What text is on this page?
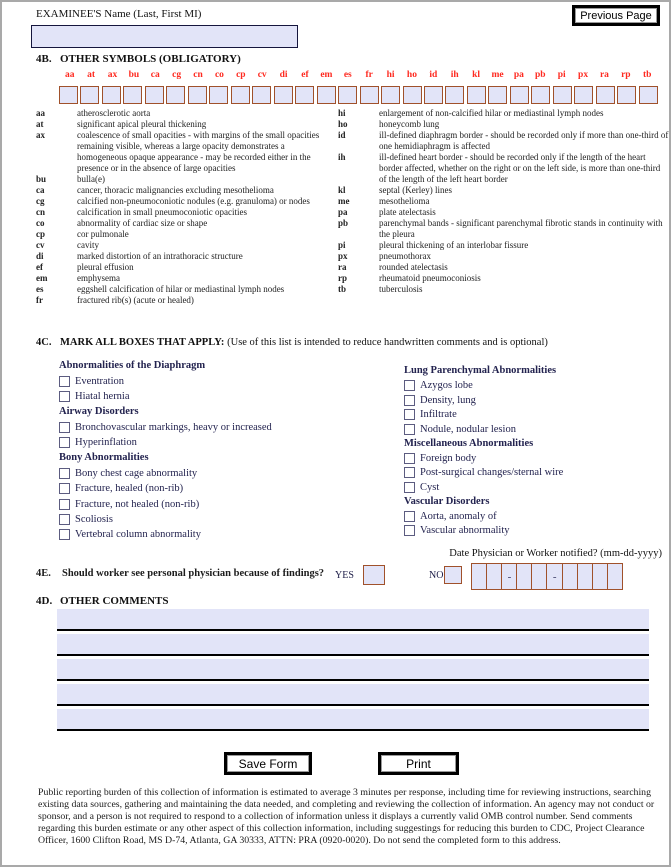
EXAMINEE'S Name (Last, First MI)	Previous Page
4B. OTHER SYMBOLS (OBLIGATORY)
aa	at	ax	bu	ca	cg	cn	co	cp	cv	di	ef	em	es	fr	hi	ho	id	ih	kl	me	pa	pb	pi	px	ra	rp	tb
aa	atherosclerotic aorta
at	significant apical pleural thickening
ax	coalescence of small opacities - with margins of the small opacities remaining visible, whereas a large opacity demonstrates a homogeneous opaque appearance - may be recorded either in the presence or in the absence of large opacities
bu	bulla(e)
ca	cancer, thoracic malignancies excluding mesothelioma
cg	calcified non-pneumoconiotic nodules (e.g. granuloma) or nodes
cn	calcification in small pneumoconiotic opacities
co	abnormality of cardiac size or shape
cp	cor pulmonale
cv	cavity
di	marked distortion of an intrathoracic structure
ef	pleural effusion
em	emphysema
es	eggshell calcification of hilar or mediastinal lymph nodes
fr	fractured rib(s) (acute or healed)
hi	enlargement of non-calcified hilar or mediastinal lymph nodes
ho	honeycomb lung
id	ill-defined diaphragm border - should be recorded only if more than one-third of one hemidiaphragm is affected
ih	ill-defined heart border - should be recorded only if the length of the heart border affected, whether on the right or on the left side, is more than one-third of the length of the left heart border
kl	septal (Kerley) lines
me	mesothelioma
pa	plate atelectasis
pb	parenchymal bands - significant parenchymal fibrotic stands in continuity with the pleura
pi	pleural thickening of an interlobar fissure
px	pneumothorax
ra	rounded atelectasis
rp	rheumatoid pneumoconiosis
tb	tuberculosis
4C. MARK ALL BOXES THAT APPLY: (Use of this list is intended to reduce handwritten comments and is optional)
Abnormalities of the Diaphragm
Eventration
Hiatal hernia
Airway Disorders
Bronchovascular markings, heavy or increased
Hyperinflation
Bony Abnormalities
Bony chest cage abnormality
Fracture, healed (non-rib)
Fracture, not healed (non-rib)
Scoliosis
Vertebral column abnormality
Lung Parenchymal Abnormalities
Azygos lobe
Density, lung
Infiltrate
Nodule, nodular lesion
Miscellaneous Abnormalities
Foreign body
Post-surgical changes/sternal wire
Cyst
Vascular Disorders
Aorta, anomaly of
Vascular abnormality
Date Physician or Worker notified? (mm-dd-yyyy)
4E. Should worker see personal physician because of findings? YES	NO	-	-
4D. OTHER COMMENTS
Save Form	Print
Public reporting burden of this collection of information is estimated to average 3 minutes per response, including time for reviewing instructions, searching existing data sources, gathering and maintaining the data needed, and completing and reviewing the collection of information. An agency may not conduct or sponsor, and a person is not required to respond to a collection of information unless it displays a currently valid OMB control number. Send comments regarding this burden estimate or any other aspect of this collection information, including suggestings for reducing this burden to CDC, Project Clearance Officer, 1600 Clifton Road, MS D-74, Atlanta, GA 30333, ATTN: PRA (0920-0020). Do not send the completed form to this address.
